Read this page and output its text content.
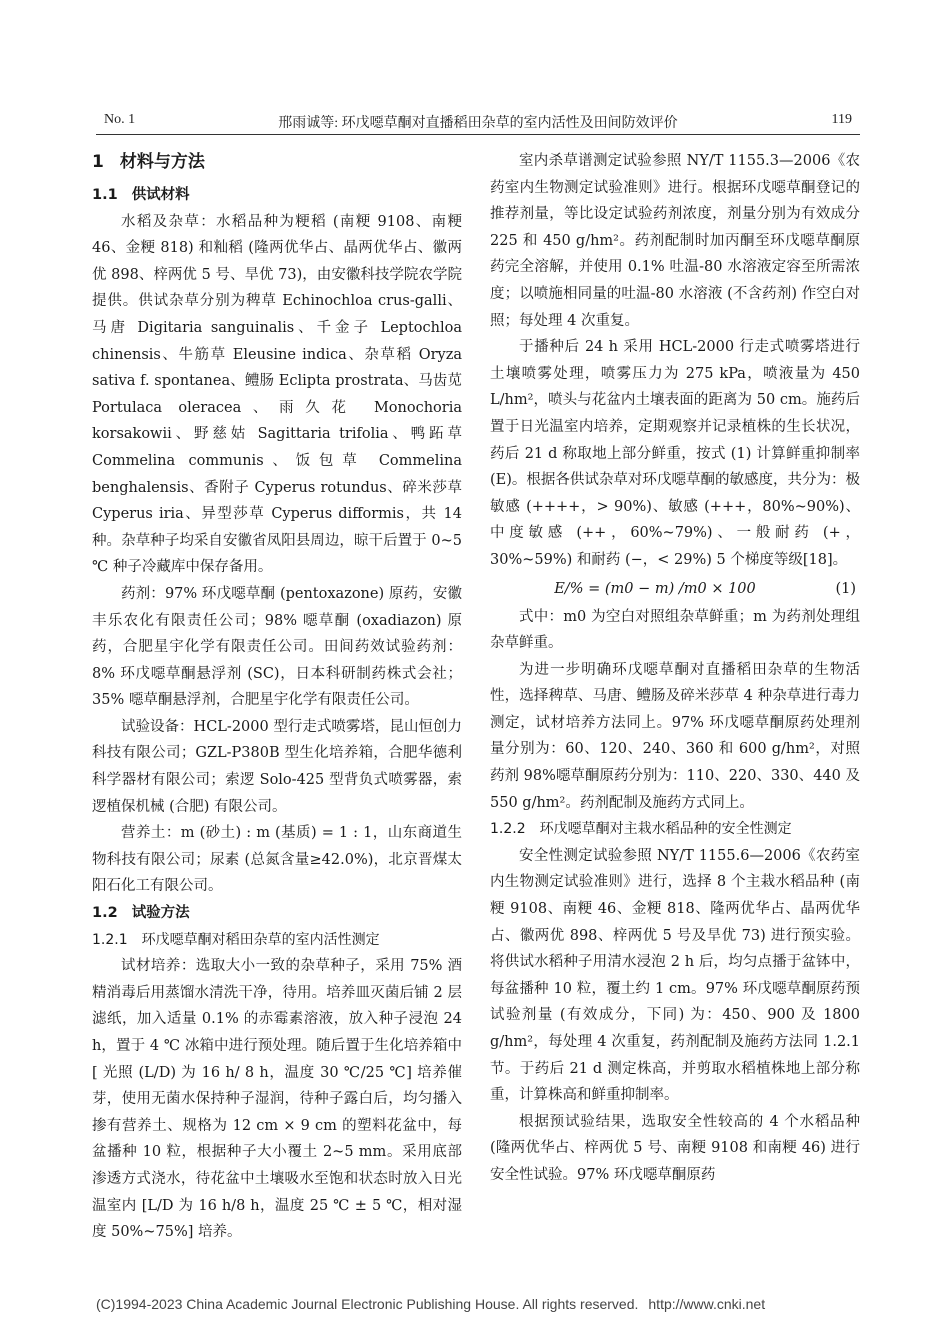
No. 1	邢雨诚等: 环戊噁草酮对直播稻田杂草的室内活性及田间防效评价	119
1 材料与方法
1.1 供试材料

水稻及杂草：水稻品种为粳稻 (南粳 9108、南粳 46、金粳 818) 和籼稻 (隆两优华占、晶两优华占、徽两优 898、梓两优 5 号、旱优 73)，由安徽科技学院农学院提供。供试杂草分别为稗草 Echinochloa crus-galli、马唐 Digitaria sanguinalis、千金子 Leptochloa chinensis、牛筋草 Eleusine indica、杂草稻 Oryza sativa f. spontanea、鳢肠 Eclipta prostrata、马齿苋 Portulaca oleracea、雨久花 Monochoria korsakowii、野慈姑 Sagittaria trifolia、鸭跖草 Commelina communis、饭包草 Commelina benghalensis、香附子 Cyperus rotundus、碎米莎草 Cyperus iria、异型莎草 Cyperus difformis，共 14 种。杂草种子均采自安徽省凤阳县周边，晾干后置于 0~5 ℃ 种子冷藏库中保存备用。

药剂：97% 环戊噁草酮 (pentoxazone) 原药，安徽丰乐农化有限责任公司；98% 噁草酮 (oxadiazon) 原药，合肥星宇化学有限责任公司。田间药效试验药剂：8% 环戊噁草酮悬浮剂 (SC)，日本科研制药株式会社；35% 噁草酮悬浮剂，合肥星宇化学有限责任公司。

试验设备：HCL-2000 型行走式喷雾塔，昆山恒创力科技有限公司；GZL-P380B 型生化培养箱，合肥华德利科学器材有限公司；索逻 Solo-425 型背负式喷雾器，索逻植保机械 (合肥) 有限公司。

营养土：m (砂土) : m (基质) = 1 : 1，山东商道生物科技有限公司；尿素 (总氮含量≥42.0%)，北京晋煤太阳石化工有限公司。

1.2 试验方法
1.2.1 环戊噁草酮对稻田杂草的室内活性测定

试材培养：选取大小一致的杂草种子，采用 75% 酒精消毒后用蒸馏水清洗干净，待用。培养皿灭菌后铺 2 层滤纸，加入适量 0.1% 的赤霉素溶液，放入种子浸泡 24 h，置于 4 ℃ 冰箱中进行预处理。随后置于生化培养箱中 [ 光照 (L/D) 为 16 h/ 8 h，温度 30 ℃/25 ℃] 培养催芽，使用无菌水保持种子湿润，待种子露白后，均匀播入掺有营养土、规格为 12 cm × 9 cm 的塑料花盆中，每盆播种 10 粒，根据种子大小覆土 2~5 mm。采用底部渗透方式浇水，待花盆中土壤吸水至饱和状态时放入日光温室内 [L/D 为 16 h/8 h，温度 25 ℃ ± 5 ℃，相对湿度 50%~75%] 培养。

室内杀草谱测定试验参照 NY/T 1155.3—2006《农药室内生物测定试验准则》进行。根据环戊噁草酮登记的推荐剂量，等比设定试验药剂浓度，剂量分别为有效成分 225 和 450 g/hm²。药剂配制时加丙酮至环戊噁草酮原药完全溶解，并使用 0.1% 吐温-80 水溶液定容至所需浓度；以喷施相同量的吐温-80 水溶液 (不含药剂) 作空白对照；每处理 4 次重复。

于播种后 24 h 采用 HCL-2000 行走式喷雾塔进行土壤喷雾处理，喷雾压力为 275 kPa，喷液量为 450 L/hm²，喷头与花盆内土壤表面的距离为 50 cm。施药后置于日光温室内培养，定期观察并记录植株的生长状况，药后 21 d 称取地上部分鲜重，按式 (1) 计算鲜重抑制率 (E)。根据各供试杂草对环戊噁草酮的敏感度，共分为：极敏感 (++++，> 90%)、敏感 (+++，80%~90%)、中度敏感 (++，60%~79%)、一般耐药 (+，30%~59%) 和耐药 (−，< 29%) 5 个梯度等级[18]。

E/% = (m0 − m) /m0 × 100	(1)

式中：m0 为空白对照组杂草鲜重；m 为药剂处理组杂草鲜重。

为进一步明确环戊噁草酮对直播稻田杂草的生物活性，选择稗草、马唐、鳢肠及碎米莎草 4 种杂草进行毒力测定，试材培养方法同上。97% 环戊噁草酮原药处理剂量分别为：60、120、240、360 和 600 g/hm²，对照药剂 98%噁草酮原药分别为：110、220、330、440 及 550 g/hm²。药剂配制及施药方式同上。

1.2.2 环戊噁草酮对主栽水稻品种的安全性测定

安全性测定试验参照 NY/T 1155.6—2006《农药室内生物测定试验准则》进行，选择 8 个主栽水稻品种 (南粳 9108、南粳 46、金粳 818、隆两优华占、晶两优华占、徽两优 898、梓两优 5 号及旱优 73) 进行预实验。将供试水稻种子用清水浸泡 2 h 后，均匀点播于盆钵中，每盆播种 10 粒，覆土约 1 cm。97% 环戊噁草酮原药预试验剂量 (有效成分，下同) 为：450、900 及 1800 g/hm²，每处理 4 次重复，药剂配制及施药方法同 1.2.1 节。于药后 21 d 测定株高，并剪取水稻植株地上部分称重，计算株高和鲜重抑制率。

根据预试验结果，选取安全性较高的 4 个水稻品种 (隆两优华占、梓两优 5 号、南粳 9108 和南粳 46) 进行安全性试验。97% 环戊噁草酮原药

(C)1994-2023 China Academic Journal Electronic Publishing House. All rights reserved. http://www.cnki.net
